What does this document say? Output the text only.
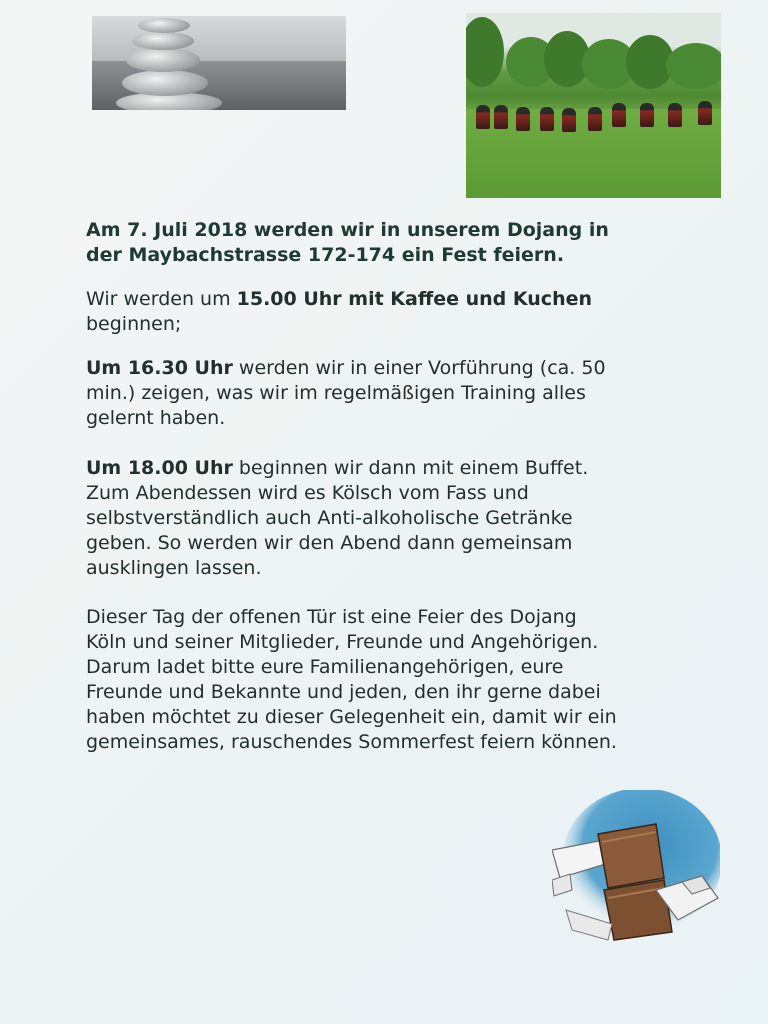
Am 7. Juli 2018 werden wir in unserem Dojang in
der Maybachstrasse 172-174 ein Fest feiern.

Wir werden um 15.00 Uhr mit Kaffee und Kuchen
beginnen;

Um 16.30 Uhr werden wir in einer Vorführung (ca. 50
min.) zeigen, was wir im regelmäßigen Training alles
gelernt haben.

Um 18.00 Uhr beginnen wir dann mit einem Buffet.
Zum Abendessen wird es Kölsch vom Fass und
selbstverständlich auch Anti-alkoholische Getränke
geben. So werden wir den Abend dann gemeinsam
ausklingen lassen.

Dieser Tag der offenen Tür ist eine Feier des Dojang
Köln und seiner Mitglieder, Freunde und Angehörigen.
Darum ladet bitte eure Familienangehörigen, eure
Freunde und Bekannte und jeden, den ihr gerne dabei
haben möchtet zu dieser Gelegenheit ein, damit wir ein
gemeinsames, rauschendes Sommerfest feiern können.
